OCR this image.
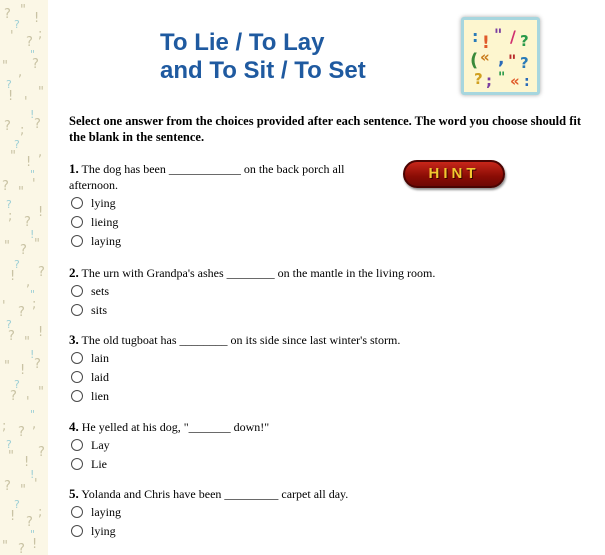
? "
!
' ?
;
" ,
?
! '
"
? ; ?
" !
,
? "
'
; ?
!
" ? "
! ,
?
' ?
;
? "
!
" ! ?
? '
"
; ?
,
" !
?
? " '
! ?
;
" ? !
?
"
?
!
?
"
?
!
?
"
?
!
?
"
?
!
?
"
To Lie / To Lay
and To Sit / To Set
: ! " / ?
( « , " ?
? ; " « :
Select one answer from the choices provided after each sentence. The word you choose should fit the blank in the sentence.
HINT
1. The dog has been ____________ on the back porch all afternoon.
lying
lieing
laying
2. The urn with Grandpa's ashes ________ on the mantle in the living room.
sets
sits
3. The old tugboat has ________ on its side since last winter's storm.
lain
laid
lien
4. He yelled at his dog, "_______ down!"
Lay
Lie
5. Yolanda and Chris have been _________ carpet all day.
laying
lying
